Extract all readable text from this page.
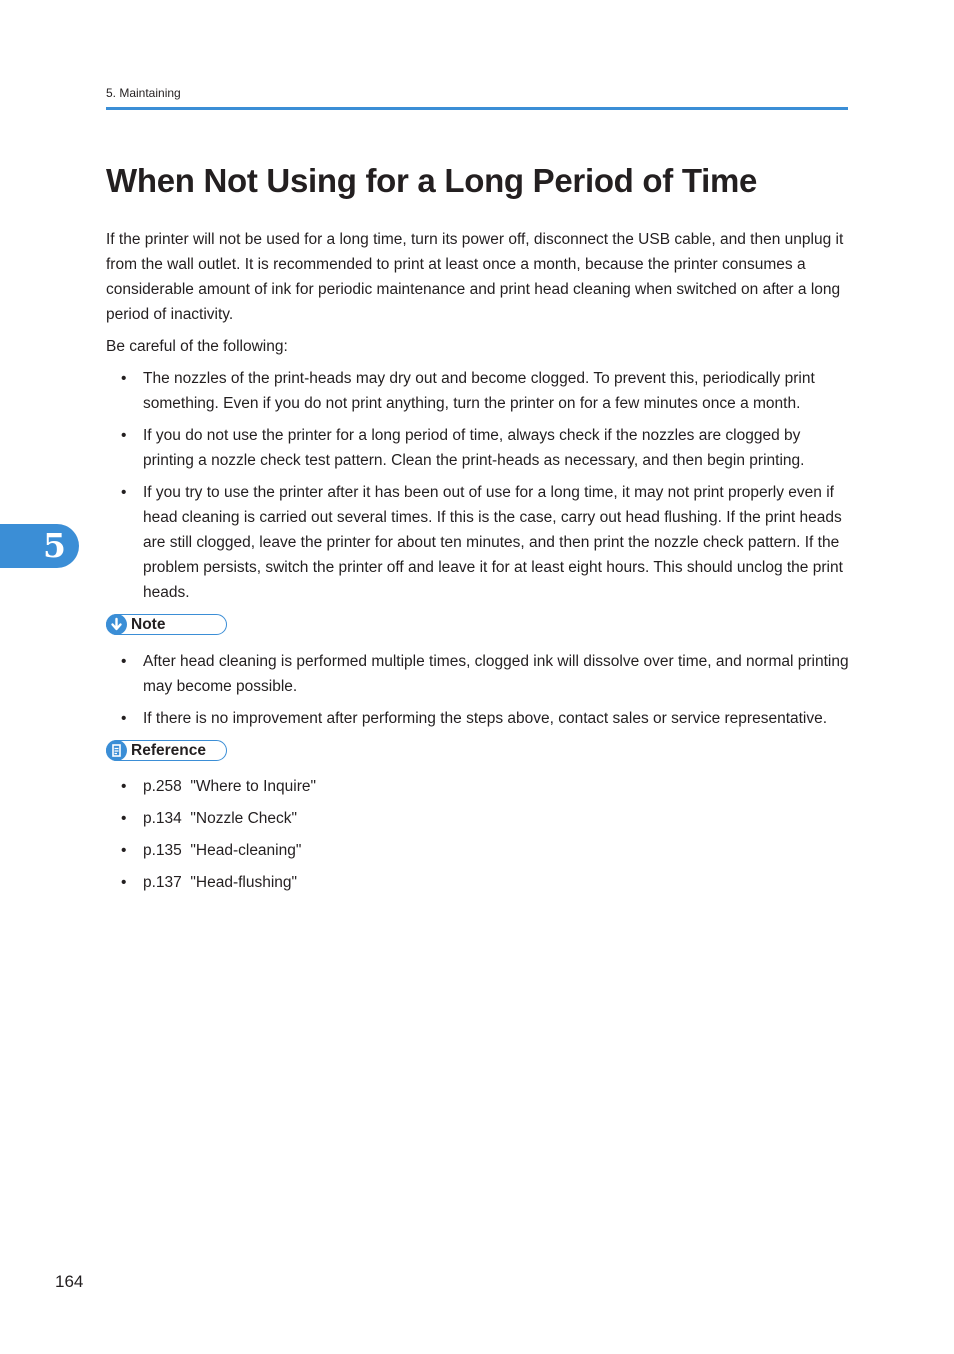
5. Maintaining
When Not Using for a Long Period of Time

If the printer will not be used for a long time, turn its power off, disconnect the USB cable, and then unplug it from the wall outlet. It is recommended to print at least once a month, because the printer consumes a considerable amount of ink for periodic maintenance and print head cleaning when switched on after a long period of inactivity.

Be careful of the following:

• The nozzles of the print-heads may dry out and become clogged. To prevent this, periodically print something. Even if you do not print anything, turn the printer on for a few minutes once a month.
• If you do not use the printer for a long period of time, always check if the nozzles are clogged by printing a nozzle check test pattern. Clean the print-heads as necessary, and then begin printing.
• If you try to use the printer after it has been out of use for a long time, it may not print properly even if head cleaning is carried out several times. If this is the case, carry out head flushing. If the print heads are still clogged, leave the printer for about ten minutes, and then print the nozzle check pattern. If the problem persists, switch the printer off and leave it for at least eight hours. This should unclog the print heads.
Note
• After head cleaning is performed multiple times, clogged ink will dissolve over time, and normal printing may become possible.
• If there is no improvement after performing the steps above, contact sales or service representative.
Reference
• p.258  "Where to Inquire"
• p.134  "Nozzle Check"
• p.135  "Head-cleaning"
• p.137  "Head-flushing"
5
164
